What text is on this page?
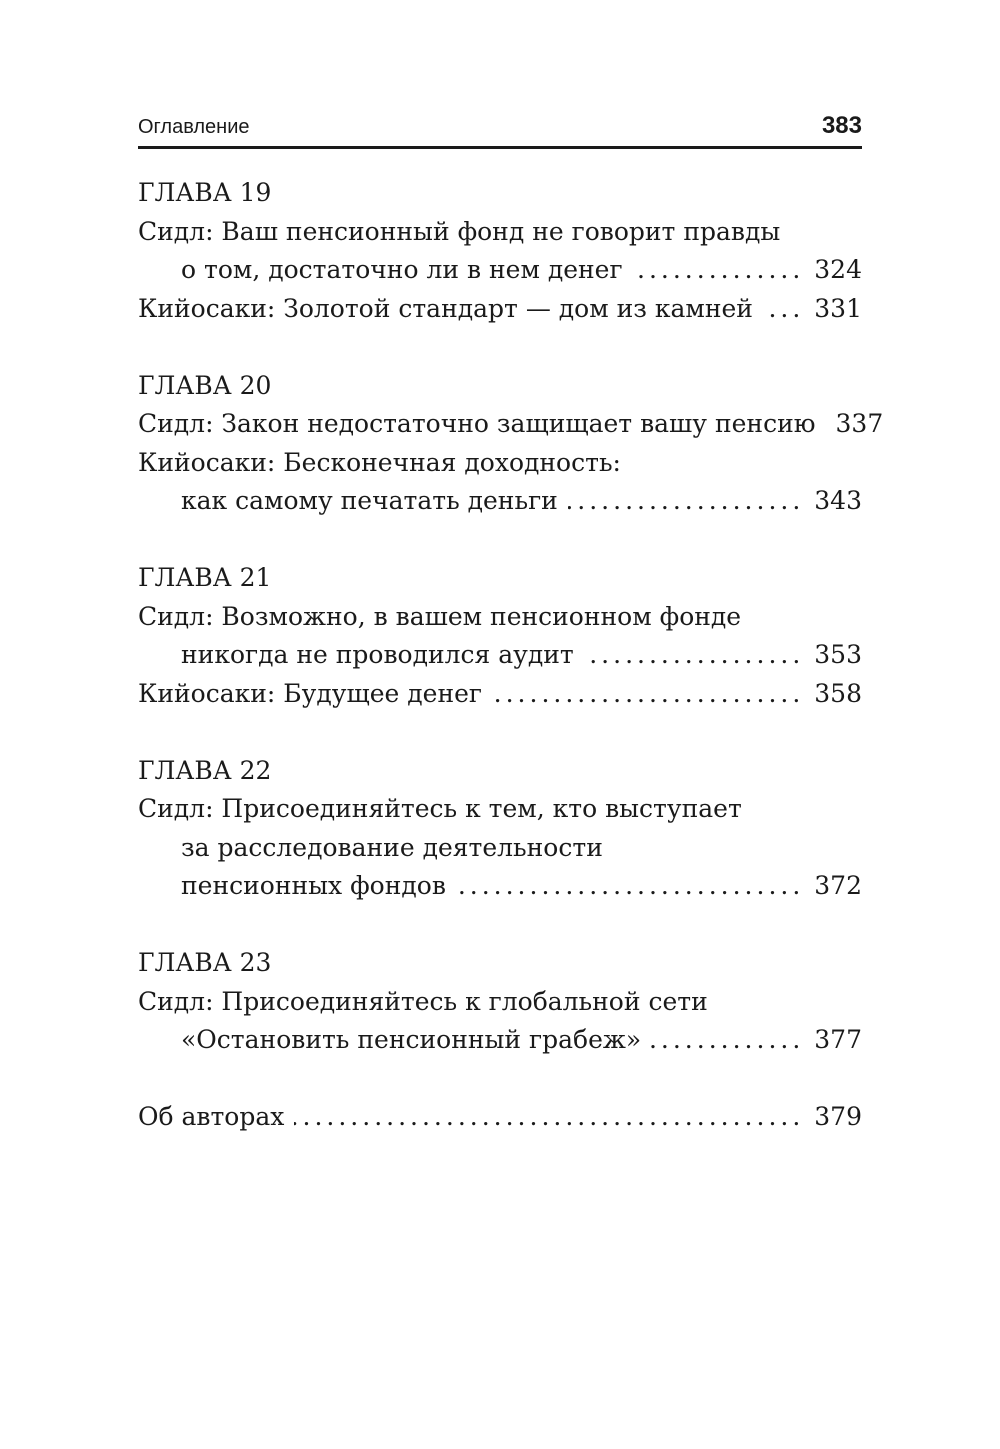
Оглавление	383
ГЛАВА 19
Сидл: Ваш пенсионный фонд не говорит правды
о том, достаточно ли в нем денег .....	324
Кийосаки: Золотой стандарт — дом из камней ..... 331
ГЛАВА 20
Сидл: Закон недостаточно защищает вашу пенсию 337
Кийосаки: Бесконечная доходность:
как самому печатать деньги .....	343
ГЛАВА 21
Сидл: Возможно, в вашем пенсионном фонде
никогда не проводился аудит .....	353
Кийосаки: Будущее денег .....	358
ГЛАВА 22
Сидл: Присоединяйтесь к тем, кто выступает
за расследование деятельности
пенсионных фондов .....	372
ГЛАВА 23
Сидл: Присоединяйтесь к глобальной сети
«Остановить пенсионный грабеж» .....	377
Об авторах .....	379
